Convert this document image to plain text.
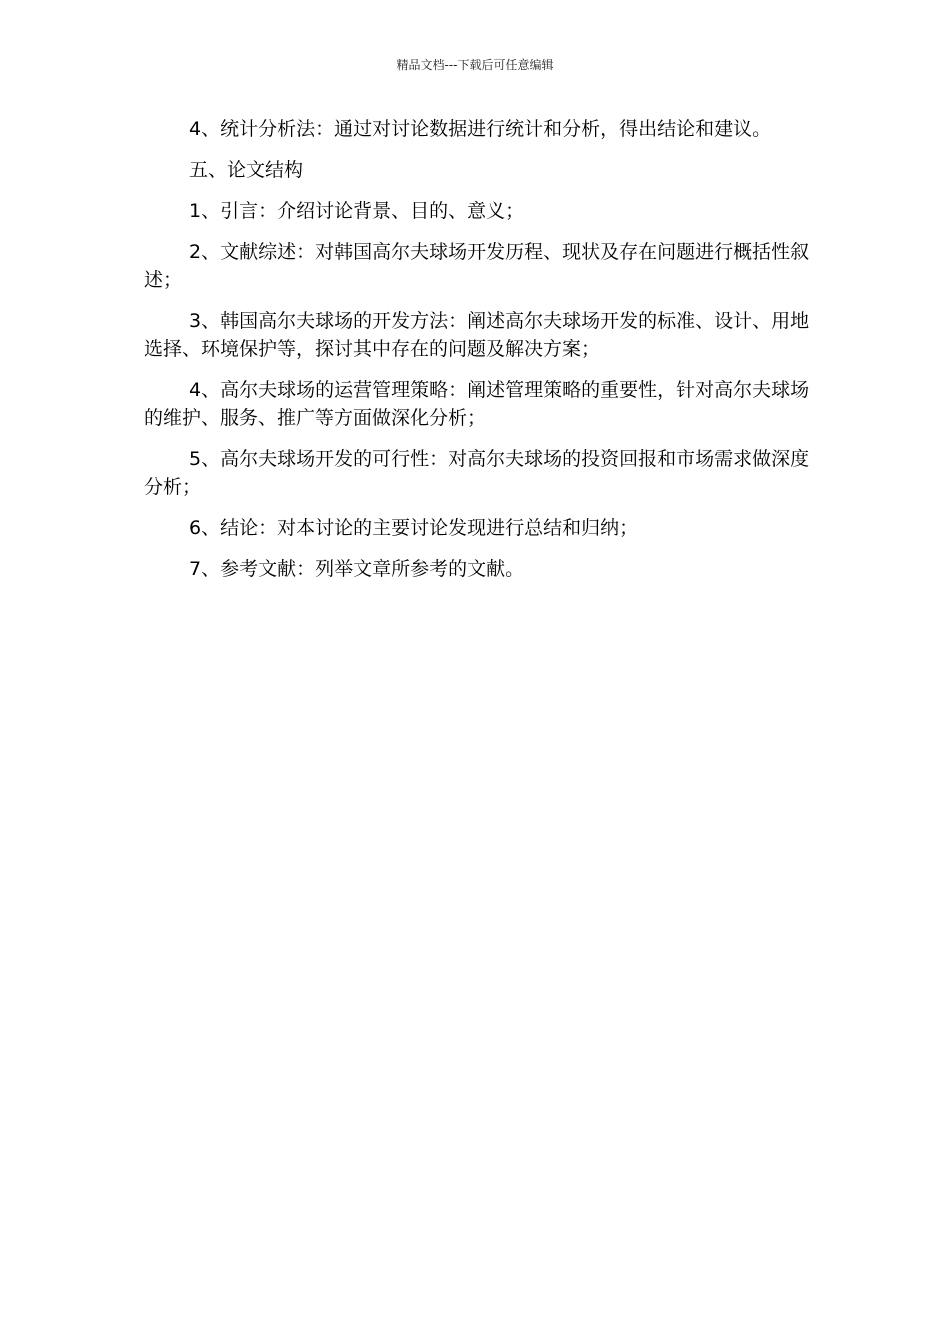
精品文档---下载后可任意编辑

4、统计分析法：通过对讨论数据进行统计和分析，得出结论和建议。

五、论文结构

1、引言：介绍讨论背景、目的、意义；

2、文献综述：对韩国高尔夫球场开发历程、现状及存在问题进行概括性叙述；

3、韩国高尔夫球场的开发方法：阐述高尔夫球场开发的标准、设计、用地选择、环境保护等，探讨其中存在的问题及解决方案；

4、高尔夫球场的运营管理策略：阐述管理策略的重要性，针对高尔夫球场的维护、服务、推广等方面做深化分析；

5、高尔夫球场开发的可行性：对高尔夫球场的投资回报和市场需求做深度分析；

6、结论：对本讨论的主要讨论发现进行总结和归纳；

7、参考文献：列举文章所参考的文献。
